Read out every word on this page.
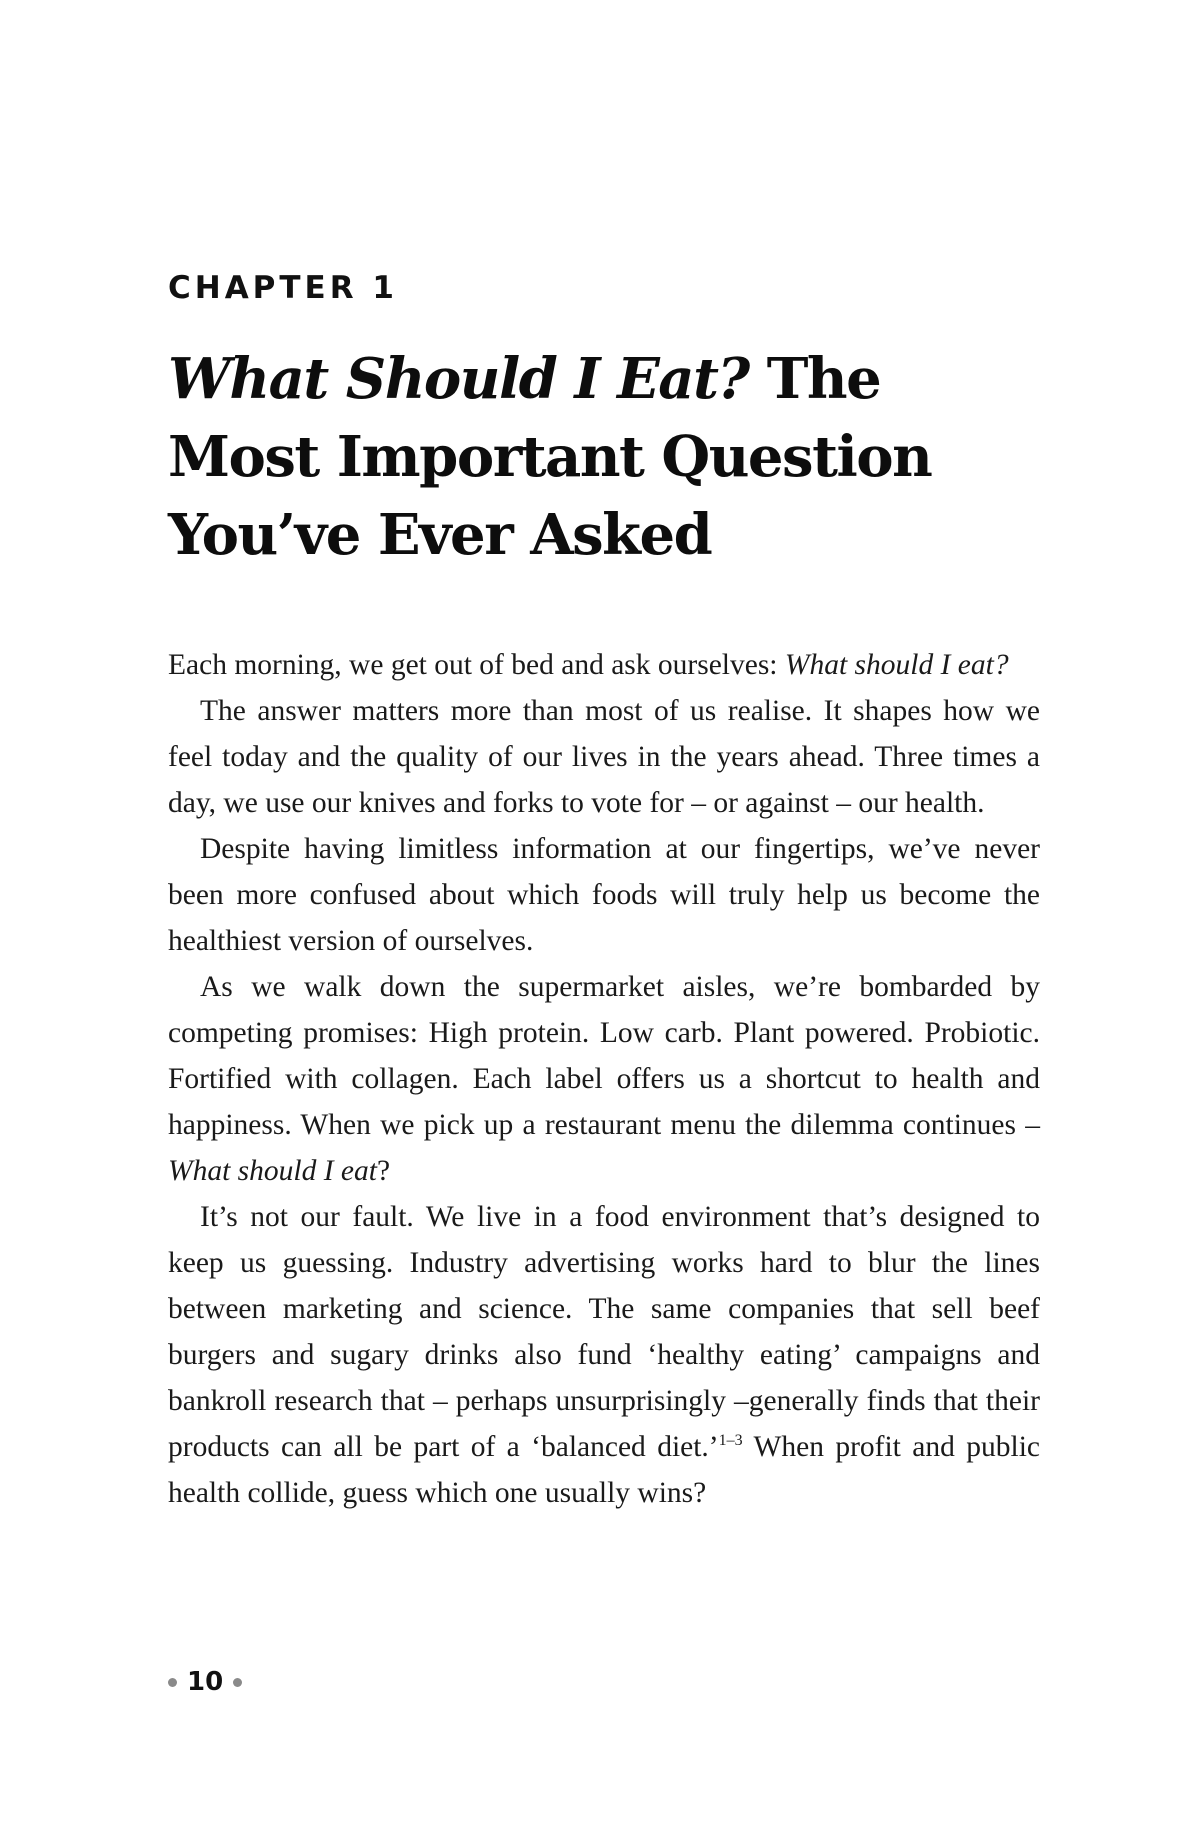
CHAPTER 1
What Should I Eat? The
Most Important Question
You’ve Ever Asked

Each morning, we get out of bed and ask ourselves: What should I eat?

The answer matters more than most of us realise. It shapes how we feel today and the quality of our lives in the years ahead. Three times a day, we use our knives and forks to vote for – or against – our health.

Despite having limitless information at our fingertips, we’ve never been more confused about which foods will truly help us become the healthiest version of ourselves.

As we walk down the supermarket aisles, we’re bombarded by competing promises: High protein. Low carb. Plant powered. Probiotic. Fortified with collagen. Each label offers us a shortcut to health and happiness. When we pick up a restaurant menu the dilemma continues – What should I eat?

It’s not our fault. We live in a food environment that’s designed to keep us guessing. Industry advertising works hard to blur the lines between marketing and science. The same companies that sell beef burgers and sugary drinks also fund ‘healthy eating’ campaigns and bankroll research that – perhaps unsurprisingly –generally finds that their products can all be part of a ‘balanced diet.’$^{1-3}$ When profit and public health collide, guess which one usually wins?

10
